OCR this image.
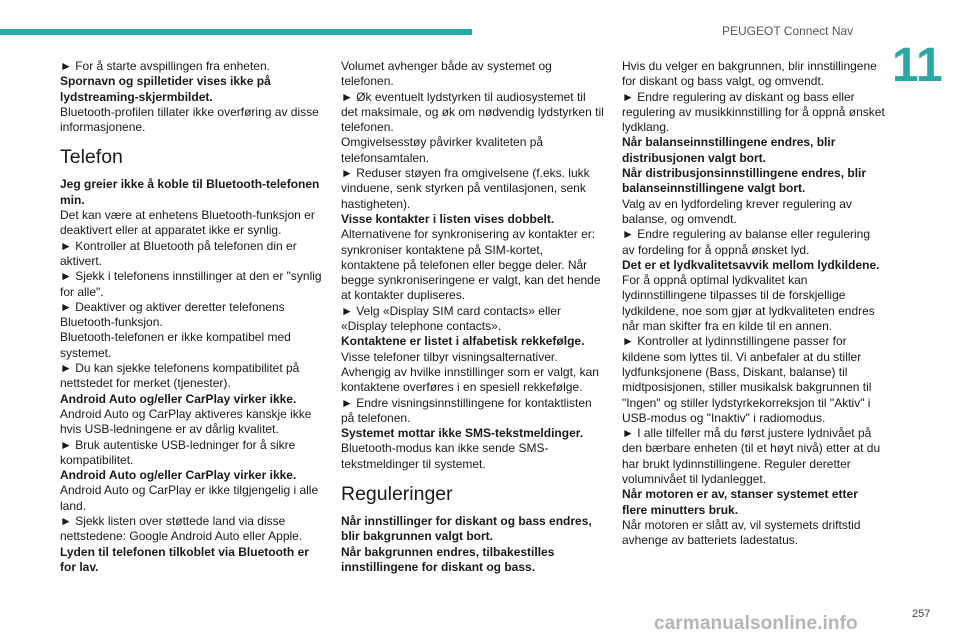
PEUGEOT Connect Nav
11

► For å starte avspillingen fra enheten.

Spornavn og spilletider vises ikke på lydstreaming-skjermbildet.

Bluetooth-profilen tillater ikke overføring av disse informasjonene.

Telefon

Jeg greier ikke å koble til Bluetooth-telefonen min.

Det kan være at enhetens Bluetooth-funksjon er deaktivert eller at apparatet ikke er synlig.

► Kontroller at Bluetooth på telefonen din er aktivert.

► Sjekk i telefonens innstillinger at den er "synlig for alle".

► Deaktiver og aktiver deretter telefonens Bluetooth-funksjon.

Bluetooth-telefonen er ikke kompatibel med systemet.

► Du kan sjekke telefonens kompatibilitet på nettstedet for merket (tjenester).

Android Auto og/eller CarPlay virker ikke.

Android Auto og CarPlay aktiveres kanskje ikke hvis USB-ledningene er av dårlig kvalitet.

► Bruk autentiske USB-ledninger for å sikre kompatibilitet.

Android Auto og/eller CarPlay virker ikke.

Android Auto og CarPlay er ikke tilgjengelig i alle land.

► Sjekk listen over støttede land via disse nettstedene: Google Android Auto eller Apple.

Lyden til telefonen tilkoblet via Bluetooth er for lav.

Volumet avhenger både av systemet og telefonen.

► Øk eventuelt lydstyrken til audiosystemet til det maksimale, og øk om nødvendig lydstyrken til telefonen.

Omgivelsesstøy påvirker kvaliteten på telefonsamtalen.

► Reduser støyen fra omgivelsene (f.eks. lukk vinduene, senk styrken på ventilasjonen, senk hastigheten).

Visse kontakter i listen vises dobbelt.

Alternativene for synkronisering av kontakter er: synkroniser kontaktene på SIM-kortet, kontaktene på telefonen eller begge deler. Når begge synkroniseringene er valgt, kan det hende at kontakter dupliseres.

► Velg «Display SIM card contacts» eller «Display telephone contacts».

Kontaktene er listet i alfabetisk rekkefølge.

Visse telefoner tilbyr visningsalternativer. Avhengig av hvilke innstillinger som er valgt, kan kontaktene overføres i en spesiell rekkefølge.

► Endre visningsinnstillingene for kontaktlisten på telefonen.

Systemet mottar ikke SMS-tekstmeldinger.

Bluetooth-modus kan ikke sende SMS-tekstmeldinger til systemet.

Reguleringer

Når innstillinger for diskant og bass endres, blir bakgrunnen valgt bort.

Når bakgrunnen endres, tilbakestilles innstillingene for diskant og bass.

Hvis du velger en bakgrunnen, blir innstillingene for diskant og bass valgt, og omvendt.

► Endre regulering av diskant og bass eller regulering av musikkinnstilling for å oppnå ønsket lydklang.

Når balanseinnstillingene endres, blir distribusjonen valgt bort.

Når distribusjonsinnstillingene endres, blir balanseinnstillingene valgt bort.

Valg av en lydfordeling krever regulering av balanse, og omvendt.

► Endre regulering av balanse eller regulering av fordeling for å oppnå ønsket lyd.

Det er et lydkvalitetsavvik mellom lydkildene.

For å oppnå optimal lydkvalitet kan lydinnstillingene tilpasses til de forskjellige lydkildene, noe som gjør at lydkvaliteten endres når man skifter fra en kilde til en annen.

► Kontroller at lydinnstillingene passer for kildene som lyttes til. Vi anbefaler at du stiller lydfunksjonene (Bass, Diskant, balanse) til midtposisjonen, stiller musikalsk bakgrunnen til "Ingen" og stiller lydstyrkekorreksjon til "Aktiv" i USB-modus og "Inaktiv" i radiomodus.

► I alle tilfeller må du først justere lydnivået på den bærbare enheten (til et høyt nivå) etter at du har brukt lydinnstillingene. Reguler deretter volumnivået til lydanlegget.

Når motoren er av, stanser systemet etter flere minutters bruk.

Når motoren er slått av, vil systemets driftstid avhenge av batteriets ladestatus.

257
carmanualsonline.info
